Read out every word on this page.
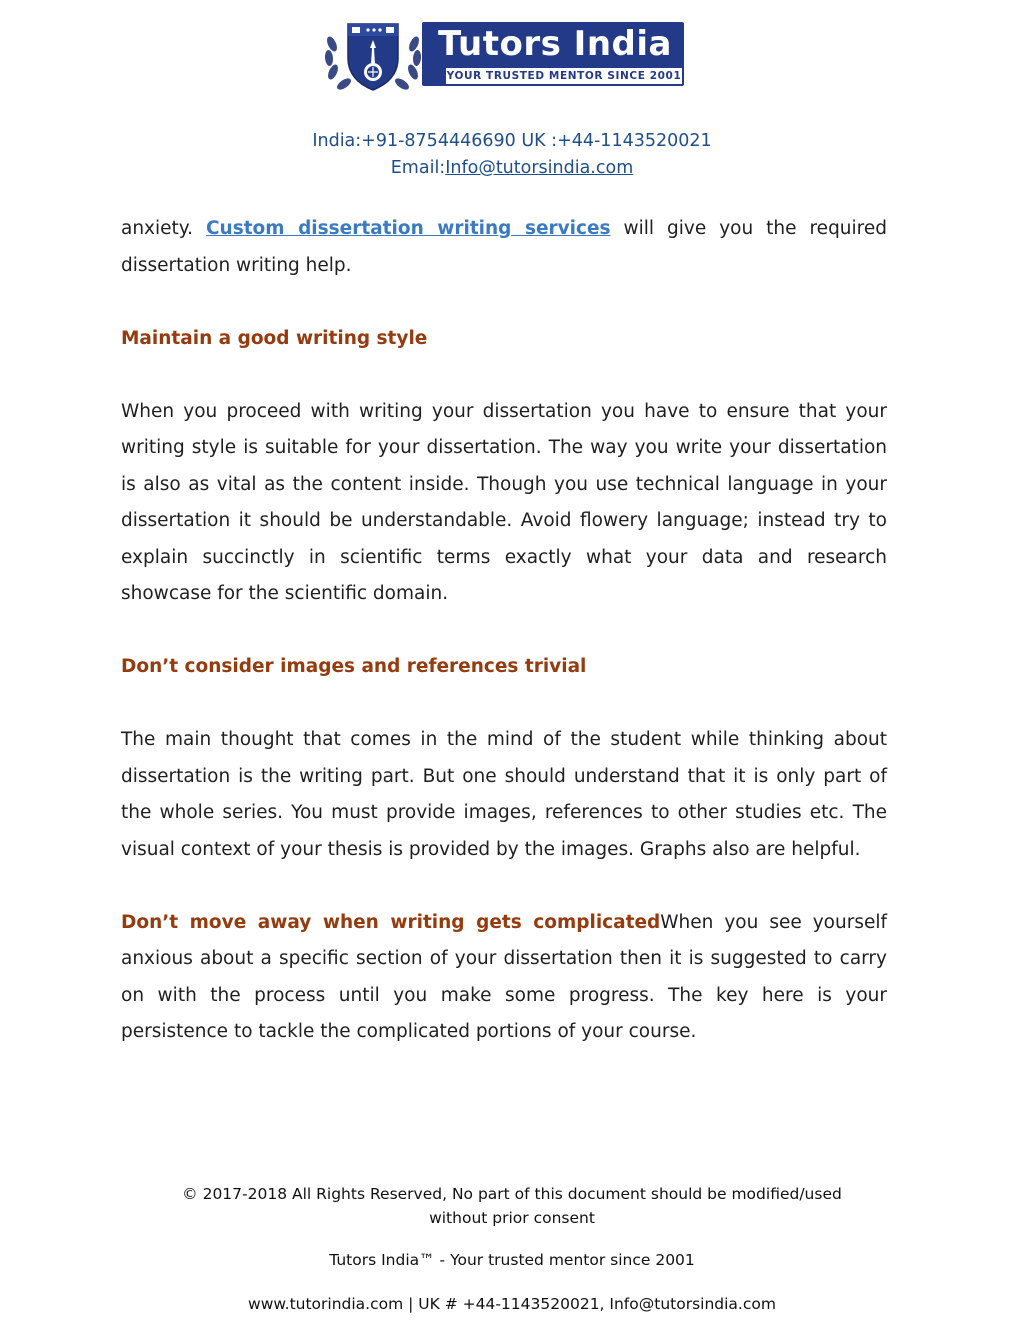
Tutors India
YOUR TRUSTED MENTOR SINCE 2001
India:+91-8754446690 UK :+44-1143520021
Email:Info@tutorsindia.com

anxiety. Custom dissertation writing services will give you the required dissertation writing help.

Maintain a good writing style

When you proceed with writing your dissertation you have to ensure that your writing style is suitable for your dissertation. The way you write your dissertation is also as vital as the content inside. Though you use technical language in your dissertation it should be understandable. Avoid flowery language; instead try to explain succinctly in scientific terms exactly what your data and research showcase for the scientific domain.

Don’t consider images and references trivial

The main thought that comes in the mind of the student while thinking about dissertation is the writing part. But one should understand that it is only part of the whole series. You must provide images, references to other studies etc. The visual context of your thesis is provided by the images. Graphs also are helpful.

Don’t move away when writing gets complicatedWhen you see yourself anxious about a specific section of your dissertation then it is suggested to carry on with the process until you make some progress. The key here is your persistence to tackle the complicated portions of your course.

© 2017-2018 All Rights Reserved, No part of this document should be modified/used
without prior consent
Tutors India™ - Your trusted mentor since 2001
www.tutorindia.com | UK # +44-1143520021, Info@tutorsindia.com
